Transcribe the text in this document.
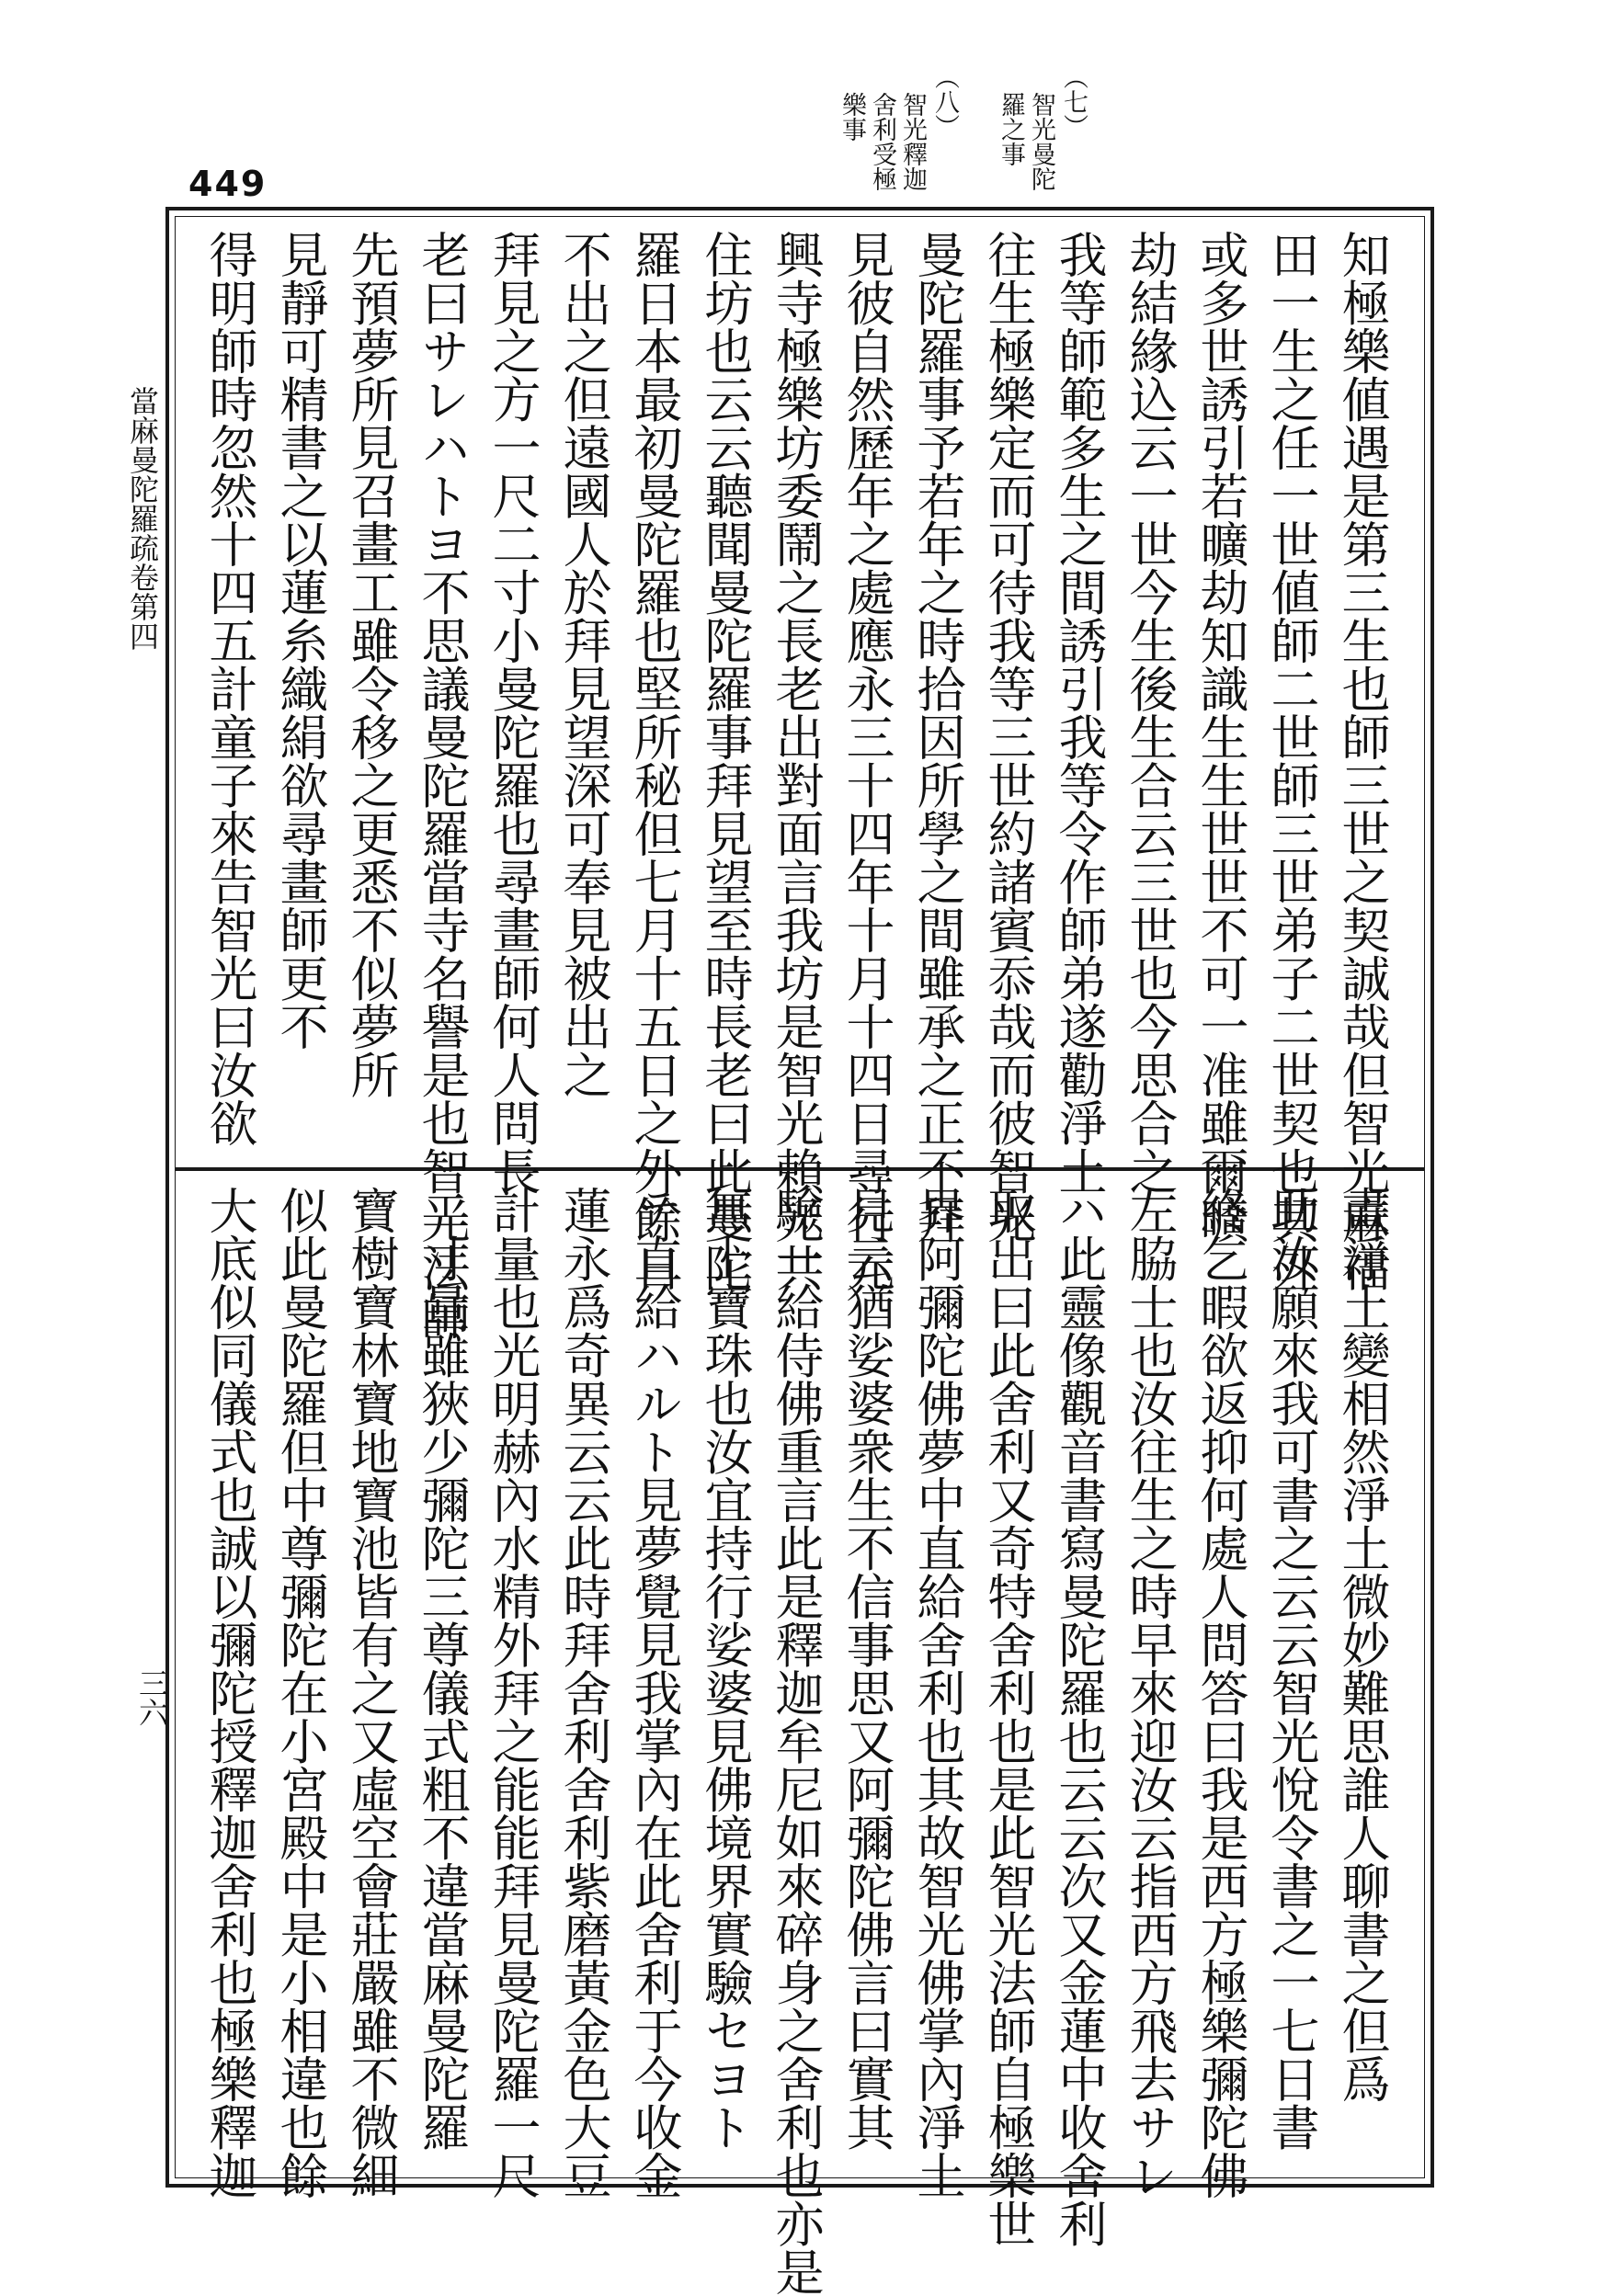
449
當麻曼陀羅疏卷第四
三六
（七）
智光曼陀
羅之事
（八）
智光釋迦
舍利受極
樂事
知極樂値遇是第三生也師三世之契誠哉但智光麻福
田一生之任一世値師二世師三世弟子二世契也其外
或多世誘引若曠劫知識生生世世不可一准雖爾曠
劫結緣込云一世今生後生合云三世也今思合之
我等師範多生之間誘引我等令作師弟遂勸淨土
往生極樂定而可待我等三世約諸賓忝哉而彼智光
曼陀羅事予若年之時拾因所學之間雖承之正不拜
見彼自然歷年之處應永三十四年十月十四日尋行元
興寺極樂坊委鬧之長老出對面言我坊是智光賴光共
住坊也云云聽聞曼陀羅事拜見望至時長老曰此曼陀
羅日本最初曼陀羅也堅所秘但七月十五日之外餘日
不出之但遠國人於拜見望深可奉見被出之
拜見之方一尺二寸小曼陀羅也尋畫師何人問長
老曰サレハトヨ不思議曼陀羅當寺名譽是也智光法師
先預夢所見召畫工雖令移之更悉不似夢所
見靜可精書之以蓮糸織絹欲尋畫師更不
得明師時忽然十四五計童子來告智光曰汝欲
畫淨土變相然淨土微妙難思誰人聊書之但爲
助汝願來我可書之云云智光悅令書之一七日書
終乞暇欲返抑何處人問答曰我是西方極樂彌陀佛
左脇士也汝往生之時早來迎汝云指西方飛去サレ
ハ此靈像觀音書寫曼陀羅也云云次又金蓮中收舍利
取出曰此舍利又奇特舍利也是此智光法師自極樂世
界阿彌陀佛夢中直給舍利也其故智光佛掌內淨土
見云猶娑婆衆生不信事思又阿彌陀佛言曰實其
驗一給侍佛重言此是釋迦牟尼如來碎身之舍利也亦是
無上寶珠也汝宜持行娑婆見佛境界實驗セヨト
テ直給ハルト見夢覺見我掌內在此舍利于今收金
蓮永爲奇異云云此時拜舍利舍利紫磨黃金色大豆
計量也光明赫內水精外拜之能能拜見曼陀羅一尺
二寸量雖狹少彌陀三尊儀式粗不違當麻曼陀羅
寶樹寶林寶地寶池皆有之又虛空會莊嚴雖不微細
似此曼陀羅但中尊彌陀在小宮殿中是小相違也餘
大底似同儀式也誠以彌陀授釋迦舍利也極樂釋迦
